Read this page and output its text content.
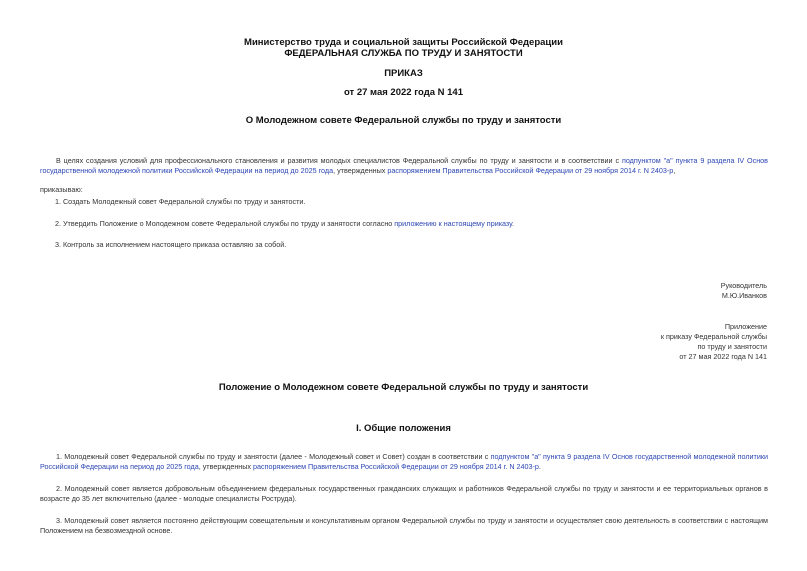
Министерство труда и социальной защиты Российской Федерации
ФЕДЕРАЛЬНАЯ СЛУЖБА ПО ТРУДУ И ЗАНЯТОСТИ
ПРИКАЗ
от 27 мая 2022 года N 141
О Молодежном совете Федеральной службы по труду и занятости
В целях создания условий для профессионального становления и развития молодых специалистов Федеральной службы по труду и занятости и в соответствии с подпунктом "а" пункта 9 раздела IV Основ государственной молодежной политики Российской Федерации на период до 2025 года, утвержденных распоряжением Правительства Российской Федерации от 29 ноября 2014 г. N 2403-р,
приказываю:
1. Создать Молодежный совет Федеральной службы по труду и занятости.
2. Утвердить Положение о Молодежном совете Федеральной службы по труду и занятости согласно приложению к настоящему приказу.
3. Контроль за исполнением настоящего приказа оставляю за собой.
Руководитель
М.Ю.Иванков
Приложение
к приказу Федеральной службы
по труду и занятости
от 27 мая 2022 года N 141
Положение о Молодежном совете Федеральной службы по труду и занятости
I. Общие положения
1. Молодежный совет Федеральной службы по труду и занятости (далее - Молодежный совет и Совет) создан в соответствии с подпунктом "а" пункта 9 раздела IV Основ государственной молодежной политики Российской Федерации на период до 2025 года, утвержденных распоряжением Правительства Российской Федерации от 29 ноября 2014 г. N 2403-р.
2. Молодежный совет является добровольным объединением федеральных государственных гражданских служащих и работников Федеральной службы по труду и занятости и ее территориальных органов в возрасте до 35 лет включительно (далее - молодые специалисты Роструда).
3. Молодежный совет является постоянно действующим совещательным и консультативным органом Федеральной службы по труду и занятости и осуществляет свою деятельность в соответствии с настоящим Положением на безвозмездной основе.
